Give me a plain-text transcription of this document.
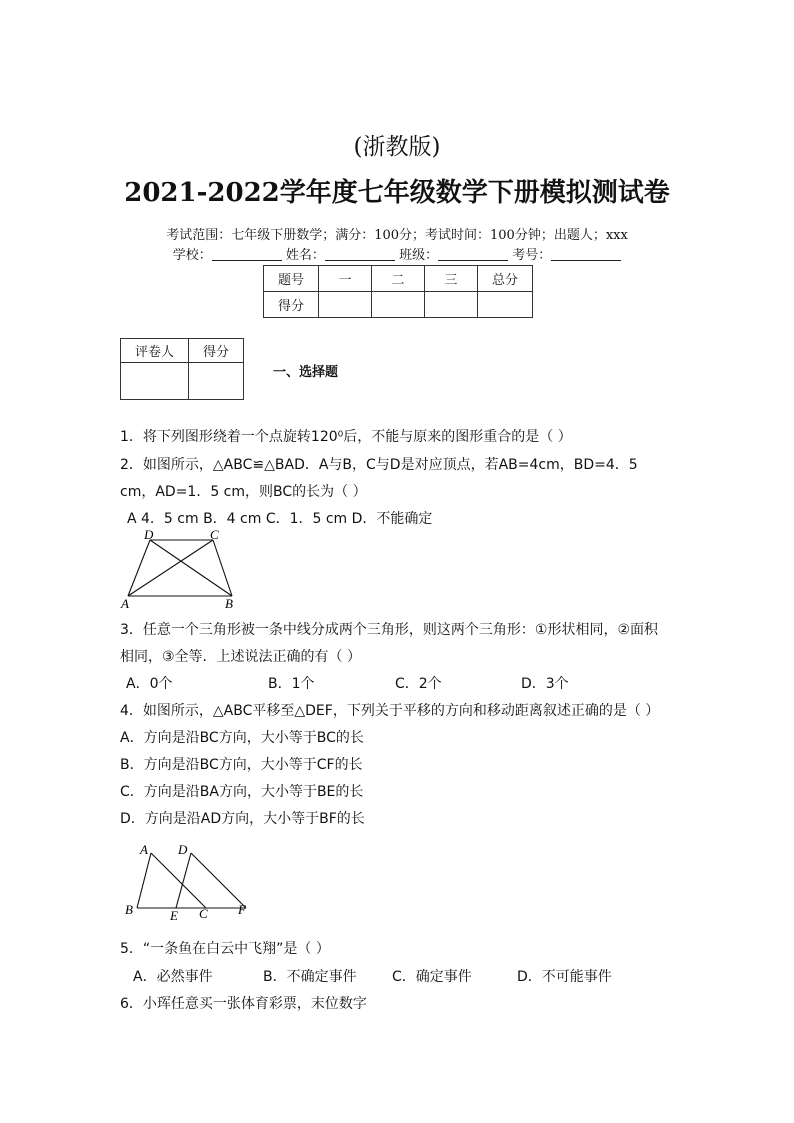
(浙教版)
2021-2022学年度七年级数学下册模拟测试卷
考试范围：七年级下册数学；满分：100分；考试时间：100分钟；出题人；xxx
学校：	姓名：	班级：	考号：
题号	一	二	三	总分
得分				
评卷人	得分

一、选择题
1．将下列图形绕着一个点旋转120⁰后，不能与原来的图形重合的是（ ）
2．如图所示，△ABC≌△BAD．A与B，C与D是对应顶点，若AB=4cm，BD=4．5
cm，AD=1．5 cm，则BC的长为（ ）
A 4．5 cm B．4 cm C．1．5 cm D．不能确定
D	C
A	B
3．任意一个三角形被一条中线分成两个三角形，则这两个三角形：①形状相同，②面积
相同，③全等．上述说法正确的有（ ）
A．0个	B．1个	C．2个	D．3个
4．如图所示，△ABC平移至△DEF，下列关于平移的方向和移动距离叙述正确的是（ ）
A．方向是沿BC方向，大小等于BC的长
B．方向是沿BC方向，大小等于CF的长
C．方向是沿BA方向，大小等于BE的长
D．方向是沿AD方向，大小等于BF的长
A D
B	E C F
5．“一条鱼在白云中飞翔”是（ ）
A．必然事件	B．不确定事件	C．确定事件	D．不可能事件
6．小珲任意买一张体育彩票，末位数字
